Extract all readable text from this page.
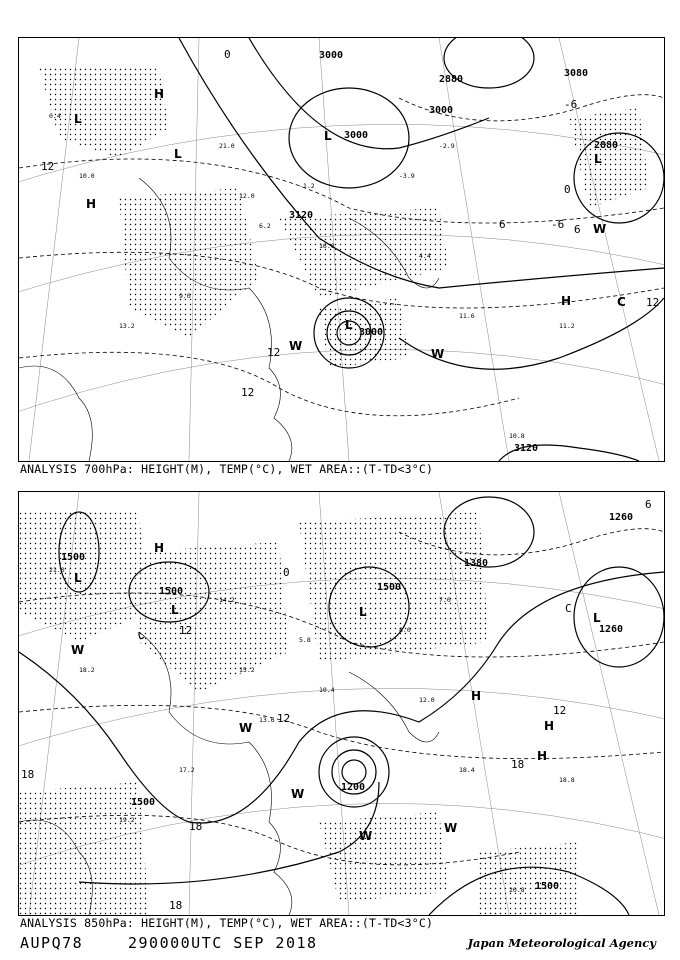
21.0
12.0
6.2
9.0
10.0
0.4
11.6
11.2
10.8
4.4
-2.9
-3.9
-1.2
16.0
13.2
3120
3000
3000
2880
2880
3000
3120
3000
3080
0
-6
-6 6
12
12
12
12
6
0
H
L
L
H
L
L
H	C
W
W
W
L
ANALYSIS 700hPa: HEIGHT(M), TEMP(°C), WET AREA::(T-TD<3°C)
14.2
15.2
13.6
17.2
18.2
21.0
18.4
18.8
20.8
12.0
7.0
8.0
5.8
10.4
19.2
1500
1500
1500
1380
1260
1500
1500
1200
1260
18
18
18
12
12
18
0
6
12
C
H
L
L
H
L	L
H
H
W
W
W
W
W
ANALYSIS 850hPa: HEIGHT(M), TEMP(°C), WET AREA::(T-TD<3°C)
AUPQ78	290000UTC SEP 2018	Japan Meteorological Agency
